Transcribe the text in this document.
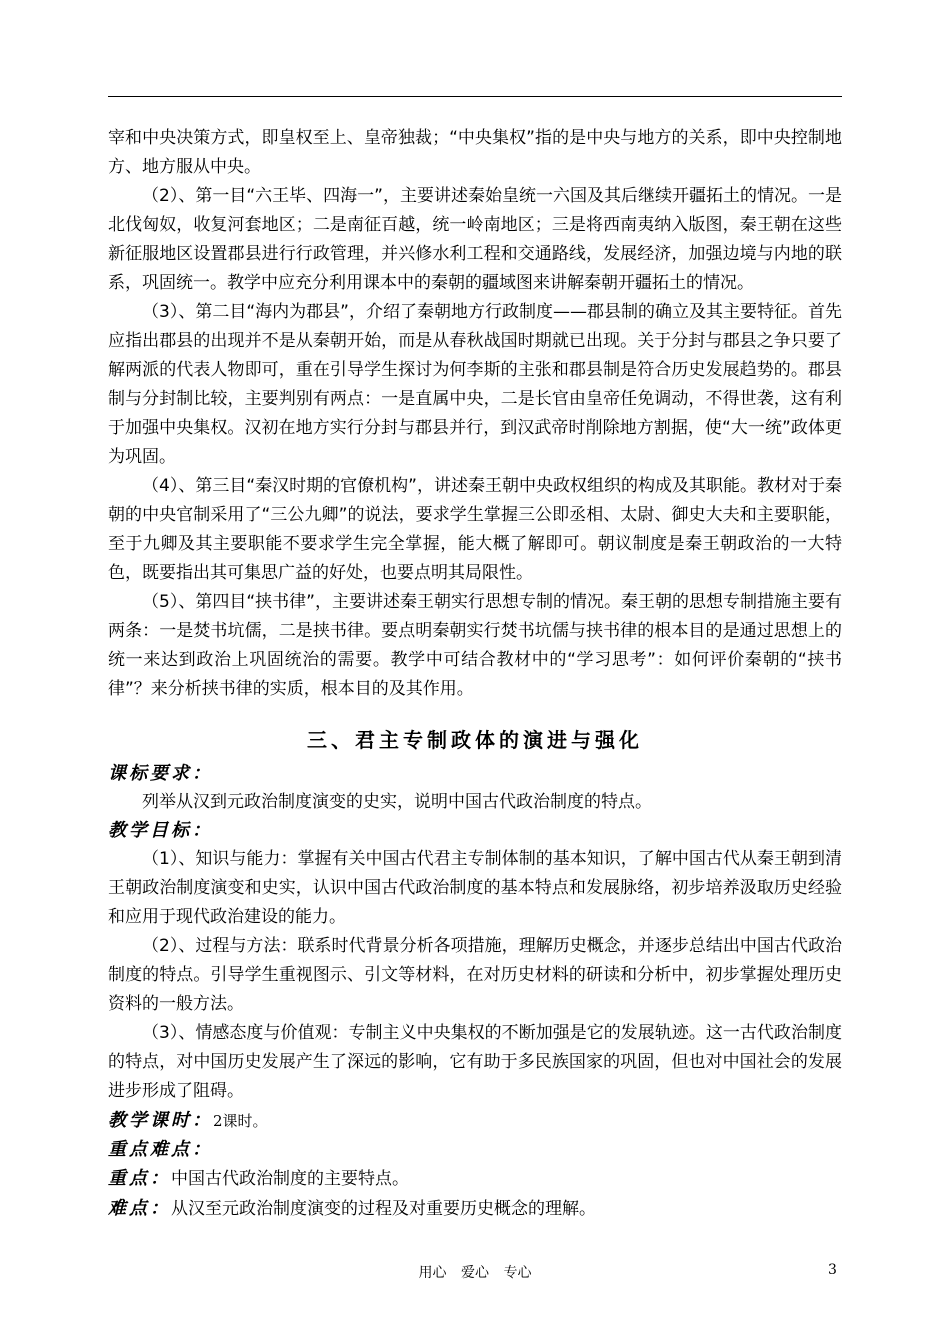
宰和中央决策方式，即皇权至上、皇帝独裁；“中央集权”指的是中央与地方的关系，即中央控制地方、地方服从中央。

（2）、第一目“六王毕、四海一”，主要讲述秦始皇统一六国及其后继续开疆拓土的情况。一是北伐匈奴，收复河套地区；二是南征百越，统一岭南地区；三是将西南夷纳入版图，秦王朝在这些新征服地区设置郡县进行行政管理，并兴修水利工程和交通路线，发展经济，加强边境与内地的联系，巩固统一。教学中应充分利用课本中的秦朝的疆域图来讲解秦朝开疆拓土的情况。

（3）、第二目“海内为郡县”，介绍了秦朝地方行政制度——郡县制的确立及其主要特征。首先应指出郡县的出现并不是从秦朝开始，而是从春秋战国时期就已出现。关于分封与郡县之争只要了解两派的代表人物即可，重在引导学生探讨为何李斯的主张和郡县制是符合历史发展趋势的。郡县制与分封制比较，主要判别有两点：一是直属中央，二是长官由皇帝任免调动，不得世袭，这有利于加强中央集权。汉初在地方实行分封与郡县并行，到汉武帝时削除地方割据，使“大一统”政体更为巩固。

（4）、第三目“秦汉时期的官僚机构”，讲述秦王朝中央政权组织的构成及其职能。教材对于秦朝的中央官制采用了“三公九卿”的说法，要求学生掌握三公即丞相、太尉、御史大夫和主要职能，至于九卿及其主要职能不要求学生完全掌握，能大概了解即可。朝议制度是秦王朝政治的一大特色，既要指出其可集思广益的好处，也要点明其局限性。

（5）、第四目“挟书律”，主要讲述秦王朝实行思想专制的情况。秦王朝的思想专制措施主要有两条：一是焚书坑儒，二是挟书律。要点明秦朝实行焚书坑儒与挟书律的根本目的是通过思想上的统一来达到政治上巩固统治的需要。教学中可结合教材中的“学习思考”：如何评价秦朝的“挟书律”？来分析挟书律的实质，根本目的及其作用。

三、君主专制政体的演进与强化

课标要求：

列举从汉到元政治制度演变的史实，说明中国古代政治制度的特点。

教学目标：

（1）、知识与能力：掌握有关中国古代君主专制体制的基本知识，了解中国古代从秦王朝到清王朝政治制度演变和史实，认识中国古代政治制度的基本特点和发展脉络，初步培养汲取历史经验和应用于现代政治建设的能力。

（2）、过程与方法：联系时代背景分析各项措施，理解历史概念，并逐步总结出中国古代政治制度的特点。引导学生重视图示、引文等材料，在对历史材料的研读和分析中，初步掌握处理历史资料的一般方法。

（3）、情感态度与价值观：专制主义中央集权的不断加强是它的发展轨迹。这一古代政治制度的特点，对中国历史发展产生了深远的影响，它有助于多民族国家的巩固，但也对中国社会的发展进步形成了阻碍。

教学课时：2课时。

重点难点：

重点：中国古代政治制度的主要特点。

难点：从汉至元政治制度演变的过程及对重要历史概念的理解。

用心 爱心 专心	3
